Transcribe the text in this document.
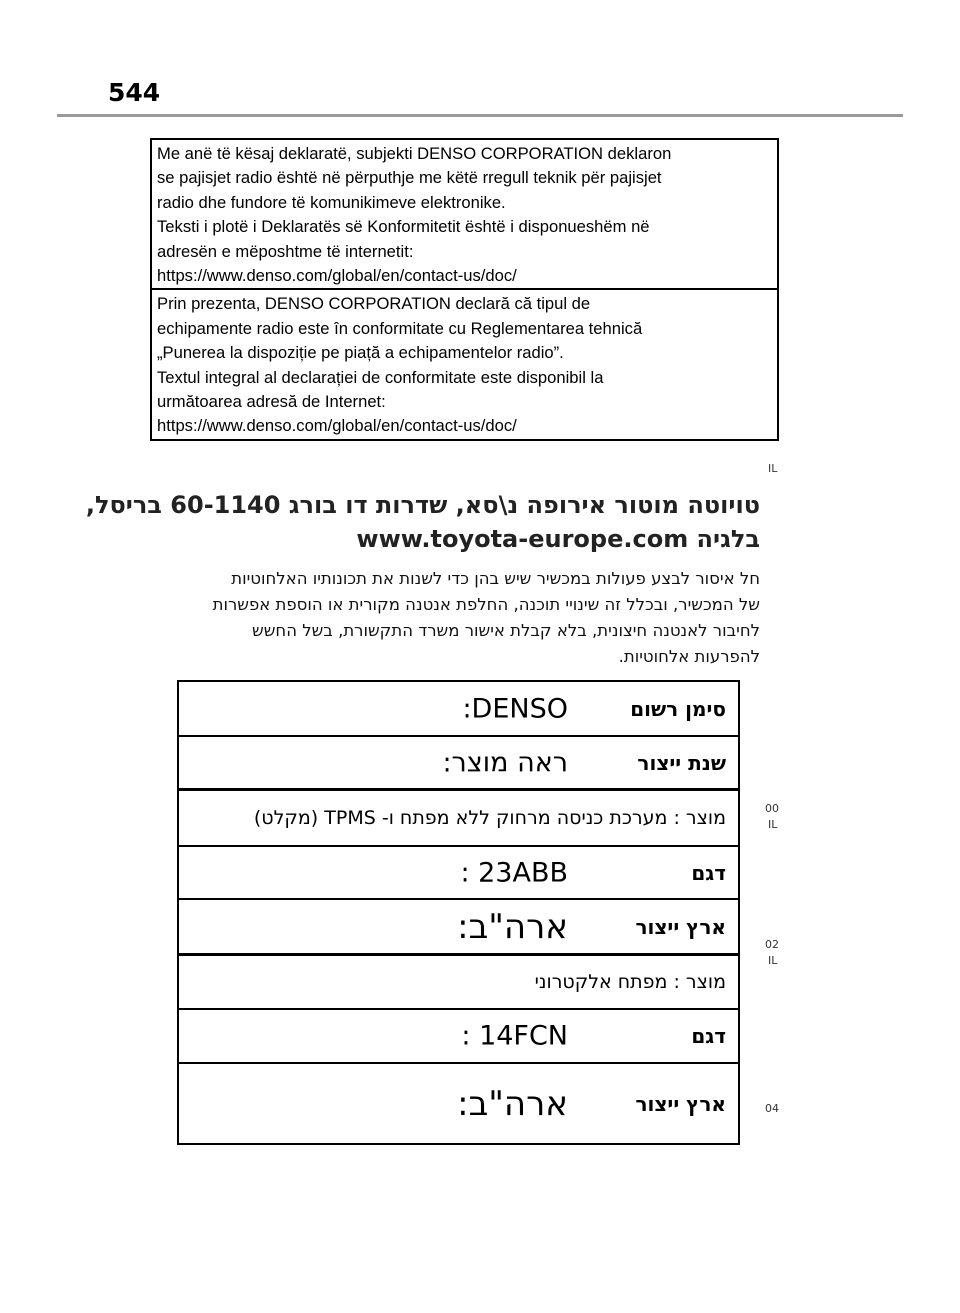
544
Me anë të kësaj deklaratë, subjekti DENSO CORPORATION deklaron
se pajisjet radio është në përputhje me këtë rregull teknik për pajisjet
radio dhe fundore të komunikimeve elektronike.
Teksti i plotë i Deklaratës së Konformitetit është i disponueshëm në
adresën e mëposhtme të internetit:
https://www.denso.com/global/en/contact-us/doc/
Prin prezenta, DENSO CORPORATION declară că tipul de
echipamente radio este în conformitate cu Reglementarea tehnică
„Punerea la dispoziție pe piață a echipamentelor radio”.
Textul integral al declarației de conformitate este disponibil la
următoarea adresă de Internet:
https://www.denso.com/global/en/contact-us/doc/
IL
00
IL
02
IL
04
טויוטה מוטור אירופה נ\סא, שדרות דו בורג 60-1140 בריסל,
בלגיה www.toyota-europe.com
חל איסור לבצע פעולות במכשיר שיש בהן כדי לשנות את תכונותיו האלחוטיות
של המכשיר, ובכלל זה שינויי תוכנה, החלפת אנטנה מקורית או הוספת אפשרות
לחיבור לאנטנה חיצונית, בלא קבלת אישור משרד התקשורת, בשל החשש
להפרעות אלחוטיות.
סימן רשום
DENSO:
שנת ייצור
ראה מוצר:
מוצר : מערכת כניסה מרחוק ללא מפתח ו- TPMS (מקלט)
דגם
23ABB :
ארץ ייצור
ארה"ב:
מוצר : מפתח אלקטרוני
דגם
14FCN :
ארץ ייצור
ארה"ב:
